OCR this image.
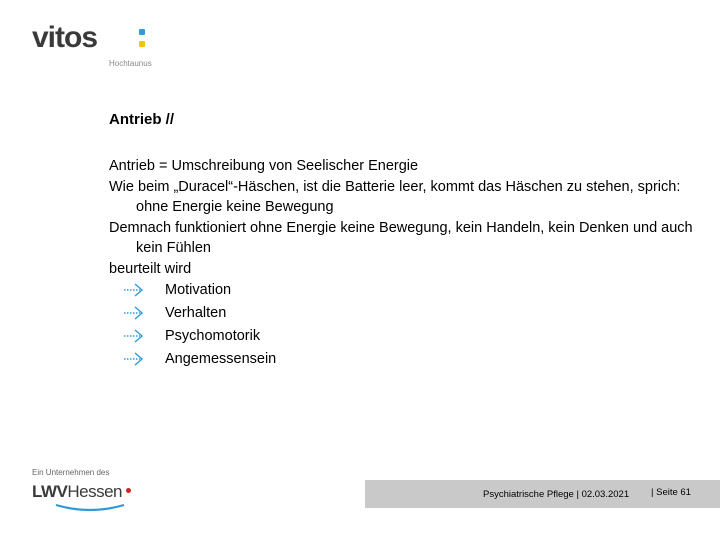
vitos
Hochtaunus
Antrieb //

Antrieb = Umschreibung von Seelischer Energie

Wie beim „Duracel“-Häschen, ist die Batterie leer, kommt das Häschen zu stehen, sprich: ohne Energie keine Bewegung

Demnach funktioniert ohne Energie keine Bewegung, kein Handeln, kein Denken und auch kein Fühlen

beurteilt wird

Motivation
Verhalten
Psychomotorik
Angemessensein
Ein Unternehmen des
LWVHessen	Psychiatrische Pflege | 02.03.2021 | Seite 61
